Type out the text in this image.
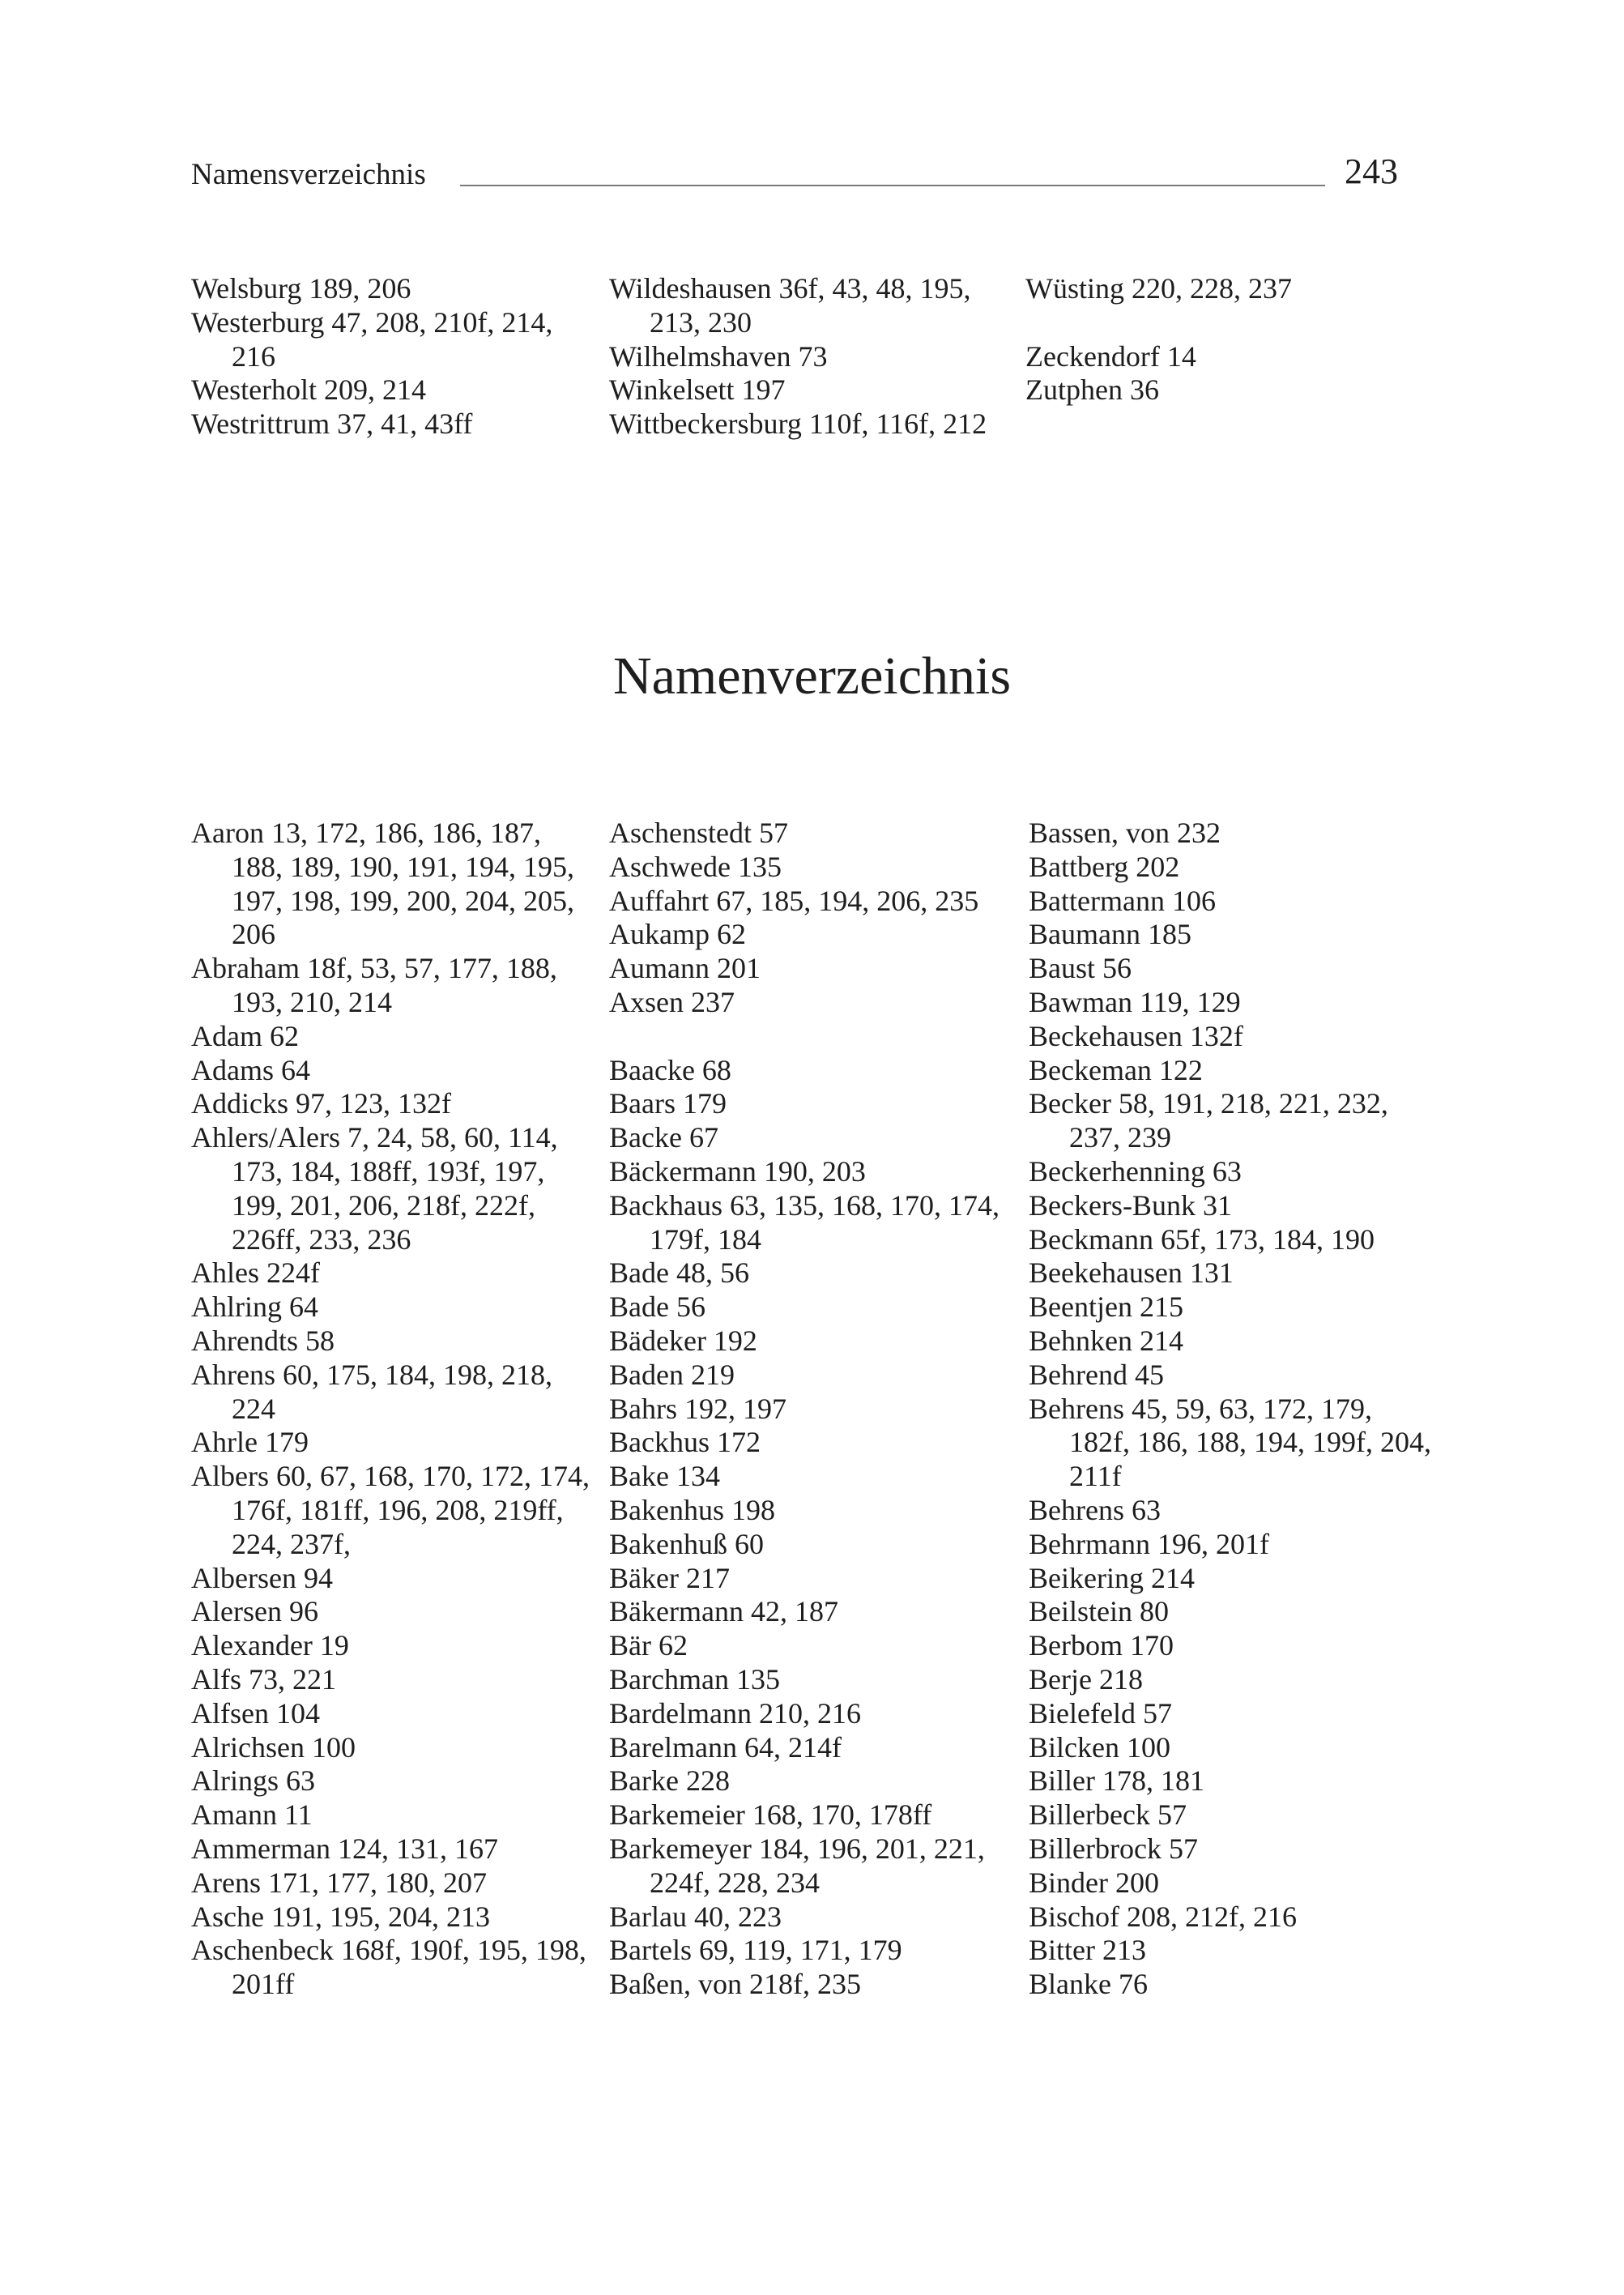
Namensverzeichnis	243
Welsburg 189, 206
Westerburg 47, 208, 210f, 214, 216
Westerholt 209, 214
Westrittrum 37, 41, 43ff
Wildeshausen 36f, 43, 48, 195, 213, 230
Wilhelmshaven 73
Winkelsett 197
Wittbeckersburg 110f, 116f, 212
Wüsting 220, 228, 237
Zeckendorf 14
Zutphen 36
Namenverzeichnis
Aaron 13, 172, 186, 186, 187, 188, 189, 190, 191, 194, 195, 197, 198, 199, 200, 204, 205, 206
Abraham 18f, 53, 57, 177, 188, 193, 210, 214
Adam 62
Adams 64
Addicks 97, 123, 132f
Ahlers/Alers 7, 24, 58, 60, 114, 173, 184, 188ff, 193f, 197, 199, 201, 206, 218f, 222f, 226ff, 233, 236
Ahles 224f
Ahlring 64
Ahrendts 58
Ahrens 60, 175, 184, 198, 218, 224
Ahrle 179
Albers 60, 67, 168, 170, 172, 174, 176f, 181ff, 196, 208, 219ff, 224, 237f,
Albersen 94
Alersen 96
Alexander 19
Alfs 73, 221
Alfsen 104
Alrichsen 100
Alrings 63
Amann 11
Ammerman 124, 131, 167
Arens 171, 177, 180, 207
Asche 191, 195, 204, 213
Aschenbeck 168f, 190f, 195, 198, 201ff
Aschenstedt 57
Aschwede 135
Auffahrt 67, 185, 194, 206, 235
Aukamp 62
Aumann 201
Axsen 237
Baacke 68
Baars 179
Backe 67
Bäckermann 190, 203
Backhaus 63, 135, 168, 170, 174, 179f, 184
Bade 48, 56
Bade 56
Bädeker 192
Baden 219
Bahrs 192, 197
Backhus 172
Bake 134
Bakenhus 198
Bakenhuß 60
Bäker 217
Bäkermann 42, 187
Bär 62
Barchman 135
Bardelmann 210, 216
Barelmann 64, 214f
Barke 228
Barkemeier 168, 170, 178ff
Barkemeyer 184, 196, 201, 221, 224f, 228, 234
Barlau 40, 223
Bartels 69, 119, 171, 179
Baßen, von 218f, 235
Bassen, von 232
Battberg 202
Battermann 106
Baumann 185
Baust 56
Bawman 119, 129
Beckehausen 132f
Beckeman 122
Becker 58, 191, 218, 221, 232, 237, 239
Beckerhenning 63
Beckers-Bunk 31
Beckmann 65f, 173, 184, 190
Beekehausen 131
Beentjen 215
Behnken 214
Behrend 45
Behrens 45, 59, 63, 172, 179, 182f, 186, 188, 194, 199f, 204, 211f
Behrens 63
Behrmann 196, 201f
Beikering 214
Beilstein 80
Berbom 170
Berje 218
Bielefeld 57
Bilcken 100
Biller 178, 181
Billerbeck 57
Billerbrock 57
Binder 200
Bischof 208, 212f, 216
Bitter 213
Blanke 76
